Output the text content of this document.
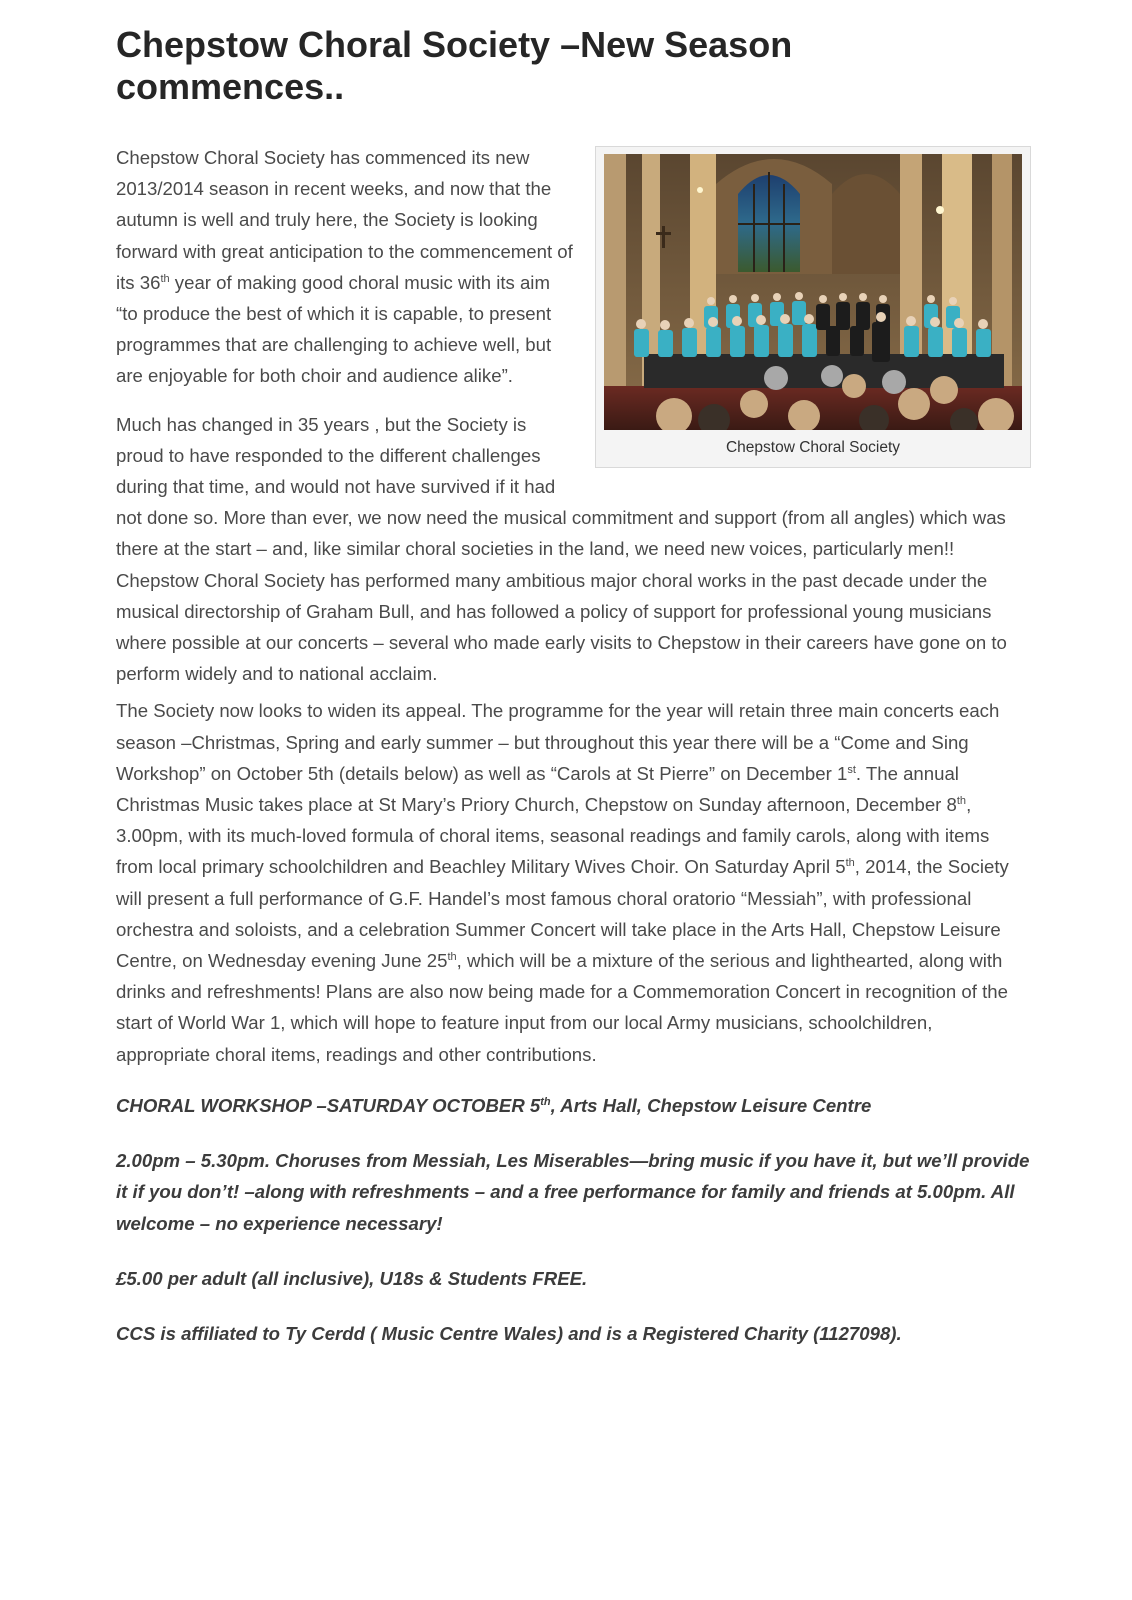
Chepstow Choral Society –New Season commences..
Chepstow Choral Society

Chepstow Choral Society has commenced its new 2013/2014 season in recent weeks, and now that the autumn is well and truly here, the Society is looking forward with great anticipation to the commencement of its 36th year of making good choral music with its aim “to produce the best of which it is capable, to present programmes that are challenging to achieve well, but are enjoyable for both choir and audience alike”.

Much has changed in 35 years , but the Society is proud to have responded to the different challenges during that time, and would not have survived if it had not done so. More than ever, we now need the musical commitment and support (from all angles) which was there at the start – and, like similar choral societies in the land, we need new voices, particularly men!! Chepstow Choral Society has performed many ambitious major choral works in the past decade under the musical directorship of Graham Bull, and has followed a policy of support for professional young musicians where possible at our concerts – several who made early visits to Chepstow in their careers have gone on to perform widely and to national acclaim.

The Society now looks to widen its appeal. The programme for the year will retain three main concerts each season –Christmas, Spring and early summer – but throughout this year there will be a “Come and Sing Workshop” on October 5th (details below) as well as “Carols at St Pierre” on December 1st. The annual Christmas Music takes place at St Mary’s Priory Church, Chepstow on Sunday afternoon, December 8th, 3.00pm, with its much-loved formula of choral items, seasonal readings and family carols, along with items from local primary schoolchildren and Beachley Military Wives Choir. On Saturday April 5th, 2014, the Society will present a full performance of G.F. Handel’s most famous choral oratorio “Messiah”, with professional orchestra and soloists, and a celebration Summer Concert will take place in the Arts Hall, Chepstow Leisure Centre, on Wednesday evening June 25th, which will be a mixture of the serious and lighthearted, along with drinks and refreshments! Plans are also now being made for a Commemoration Concert in recognition of the start of World War 1, which will hope to feature input from our local Army musicians, schoolchildren, appropriate choral items, readings and other contributions.

CHORAL WORKSHOP –SATURDAY OCTOBER 5th, Arts Hall, Chepstow Leisure Centre

2.00pm – 5.30pm. Choruses from Messiah, Les Miserables—bring music if you have it, but we’ll provide it if you don’t! –along with refreshments – and a free performance for family and friends at 5.00pm. All welcome – no experience necessary!

£5.00 per adult (all inclusive), U18s & Students FREE.

CCS is affiliated to Ty Cerdd ( Music Centre Wales) and is a Registered Charity (1127098).
